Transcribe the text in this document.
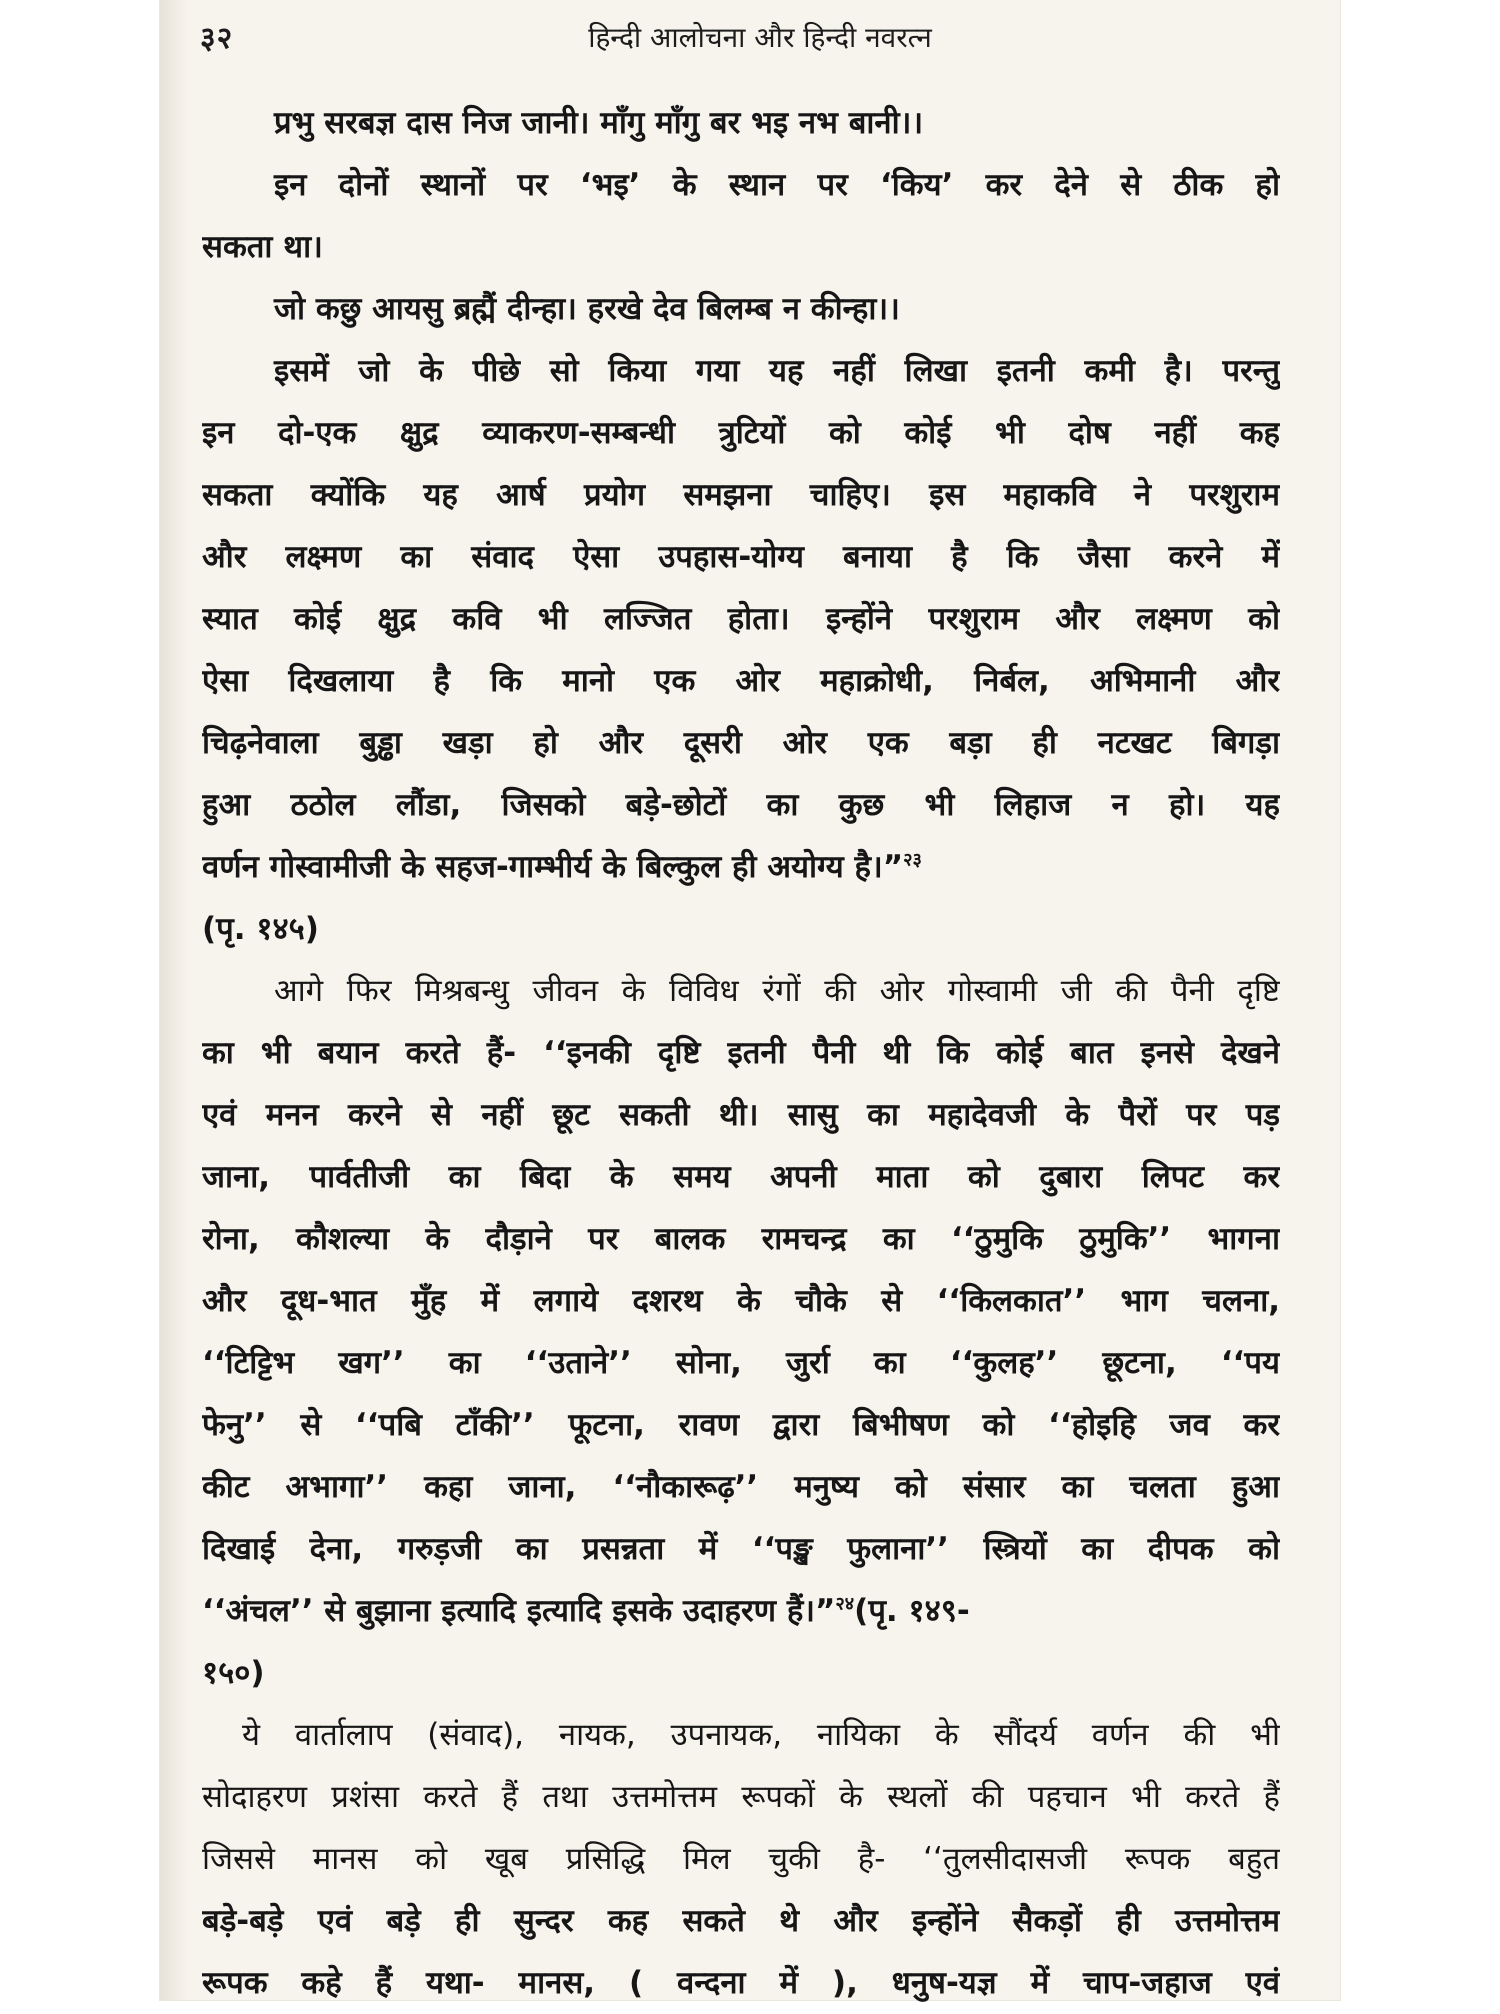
३२	हिन्दी आलोचना और हिन्दी नवरत्न
प्रभु सरबज्ञ दास निज जानी। माँगु माँगु बर भइ नभ बानी।।
इन दोनों स्थानों पर ‘भइ’ के स्थान पर ‘किय’ कर देने से ठीक हो
सकता था।
जो कछु आयसु ब्रह्मैं दीन्हा। हरखे देव बिलम्ब न कीन्हा।।
इसमें जो के पीछे सो किया गया यह नहीं लिखा इतनी कमी है। परन्तु
इन दो-एक क्षुद्र व्याकरण-सम्बन्धी त्रुटियों को कोई भी दोष नहीं कह
सकता क्योंकि यह आर्ष प्रयोग समझना चाहिए। इस महाकवि ने परशुराम
और लक्ष्मण का संवाद ऐसा उपहास-योग्य बनाया है कि जैसा करने में
स्यात कोई क्षुद्र कवि भी लज्जित होता। इन्होंने परशुराम और लक्ष्मण को
ऐसा दिखलाया है कि मानो एक ओर महाक्रोधी, निर्बल, अभिमानी और
चिढ़नेवाला बुड्ढा खड़ा हो और दूसरी ओर एक बड़ा ही नटखट बिगड़ा
हुआ ठठोल लौंडा, जिसको बड़े-छोटों का कुछ भी लिहाज न हो। यह
वर्णन गोस्वामीजी के सहज-गाम्भीर्य के बिल्कुल ही अयोग्य है।”$^{२३}$
(पृ. १४५)
आगे फिर मिश्रबन्धु जीवन के विविध रंगों की ओर गोस्वामी जी की पैनी दृष्टि
का भी बयान करते हैं- ‘‘इनकी दृष्टि इतनी पैनी थी कि कोई बात इनसे देखने
एवं मनन करने से नहीं छूट सकती थी। सासु का महादेवजी के पैरों पर पड़
जाना, पार्वतीजी का बिदा के समय अपनी माता को दुबारा लिपट कर
रोना, कौशल्या के दौड़ाने पर बालक रामचन्द्र का ‘‘ठुमुकि ठुमुकि’’ भागना
और दूध-भात मुँह में लगाये दशरथ के चौके से ‘‘किलकात’’ भाग चलना,
‘‘टिट्टिभ खग’’ का ‘‘उताने’’ सोना, जुर्रा का ‘‘कुलह’’ छूटना, ‘‘पय
फेनु’’ से ‘‘पबि टाँकी’’ फूटना, रावण द्वारा बिभीषण को ‘‘होइहि जव कर
कीट अभागा’’ कहा जाना, ‘‘नौकारूढ़’’ मनुष्य को संसार का चलता हुआ
दिखाई देना, गरुड़जी का प्रसन्नता में ‘‘पङ्ख फुलाना’’ स्त्रियों का दीपक को
‘‘अंचल’’ से बुझाना इत्यादि इत्यादि इसके उदाहरण हैं।”$^{२४}$(पृ. १४९-
१५०)
ये वार्तालाप (संवाद), नायक, उपनायक, नायिका के सौंदर्य वर्णन की भी
सोदाहरण प्रशंसा करते हैं तथा उत्तमोत्तम रूपकों के स्थलों की पहचान भी करते हैं
जिससे मानस को खूब प्रसिद्धि मिल चुकी है- ‘‘तुलसीदासजी रूपक बहुत
बड़े-बड़े एवं बड़े ही सुन्दर कह सकते थे और इन्होंने सैकड़ों ही उत्तमोत्तम
रूपक कहे हैं यथा- मानस, ( वन्दना में ), धनुष-यज्ञ में चाप-जहाज एवं
